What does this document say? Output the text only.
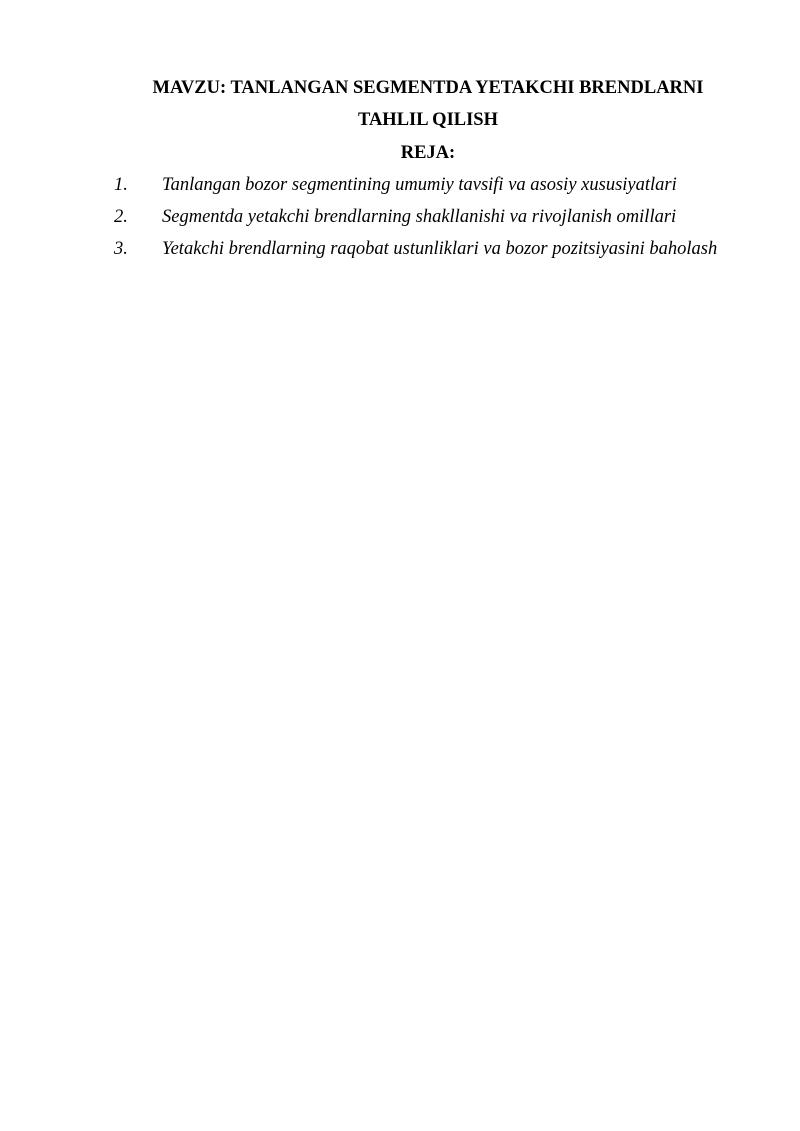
MAVZU: TANLANGAN SEGMENTDA YETAKCHI BRENDLARNI
TAHLIL QILISH
REJA:
1. Tanlangan bozor segmentining umumiy tavsifi va asosiy xususiyatlari
2. Segmentda yetakchi brendlarning shakllanishi va rivojlanish omillari
3. Yetakchi brendlarning raqobat ustunliklari va bozor pozitsiyasini baholash
